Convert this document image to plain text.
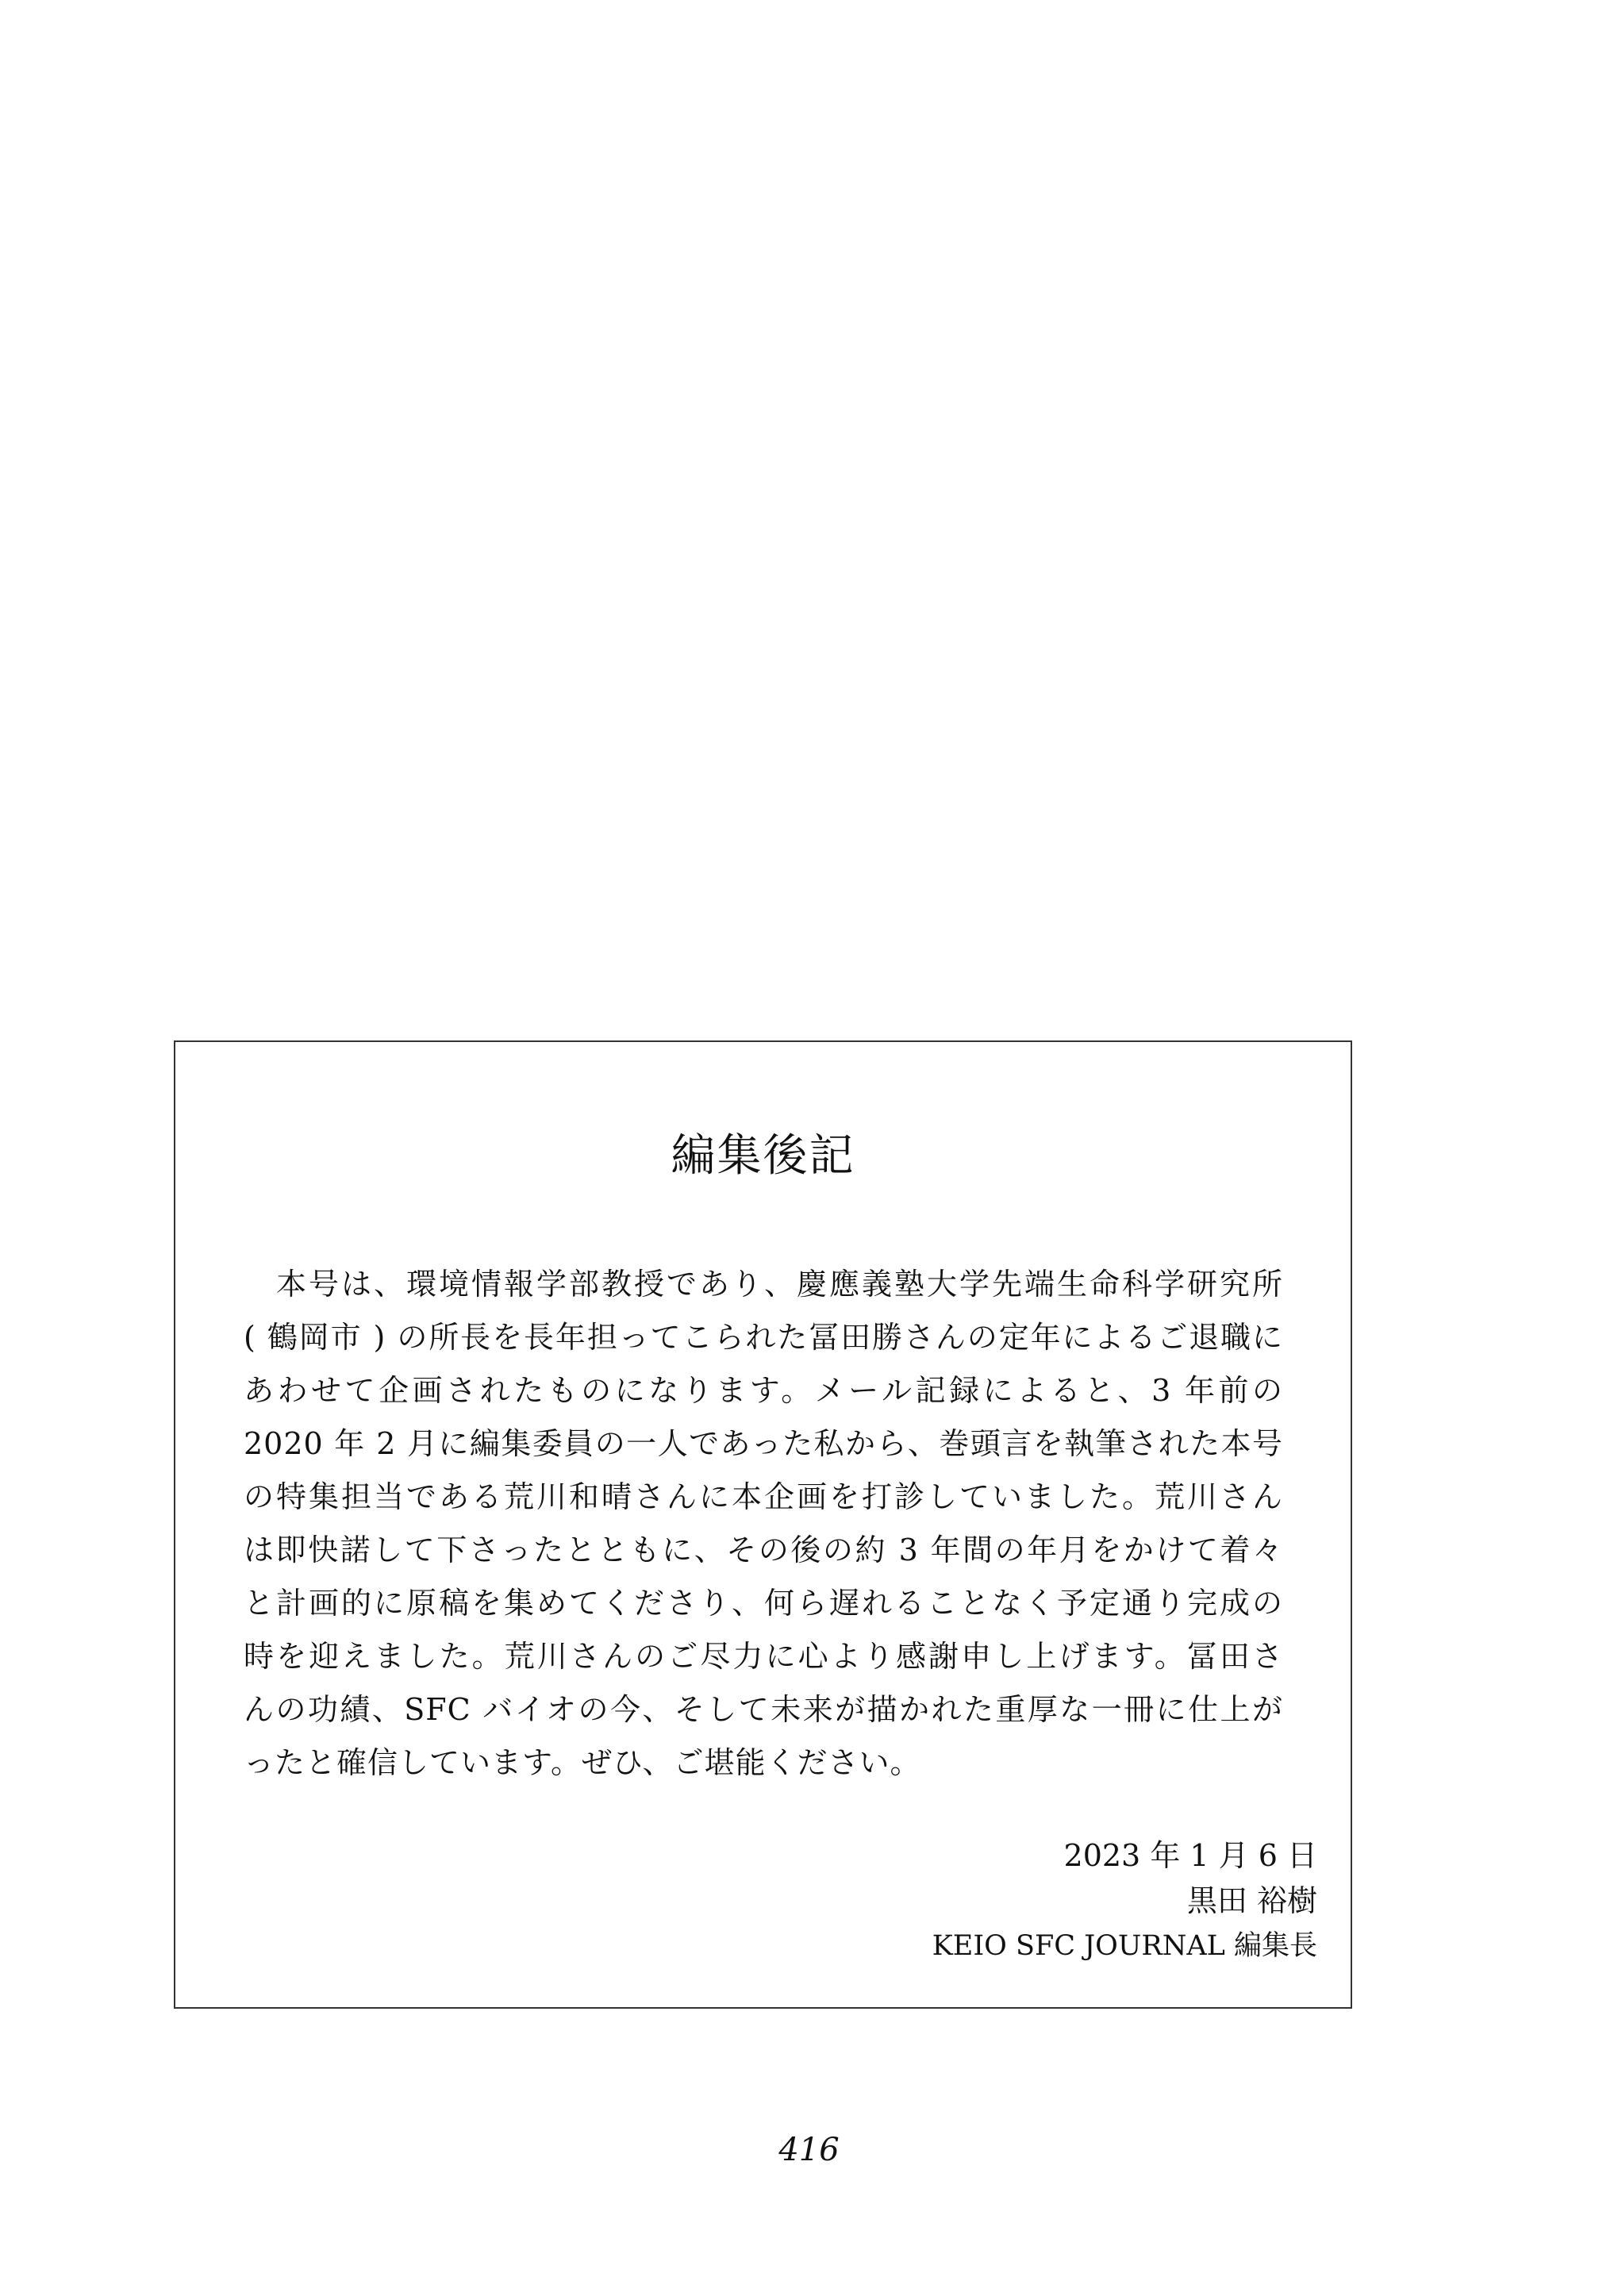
編集後記
　本号は、環境情報学部教授であり、慶應義塾大学先端生命科学研究所
( 鶴岡市 ) の所長を長年担ってこられた冨田勝さんの定年によるご退職に
あわせて企画されたものになります。メール記録によると、3 年前の
2020 年 2 月に編集委員の一人であった私から、巻頭言を執筆された本号
の特集担当である荒川和晴さんに本企画を打診していました。荒川さん
は即快諾して下さったとともに、その後の約 3 年間の年月をかけて着々
と計画的に原稿を集めてくださり、何ら遅れることなく予定通り完成の
時を迎えました。荒川さんのご尽力に心より感謝申し上げます。冨田さ
んの功績、SFC バイオの今、そして未来が描かれた重厚な一冊に仕上が
ったと確信しています。ぜひ、ご堪能ください。
2023 年 1 月 6 日
黒田 裕樹
KEIO SFC JOURNAL 編集長
416
